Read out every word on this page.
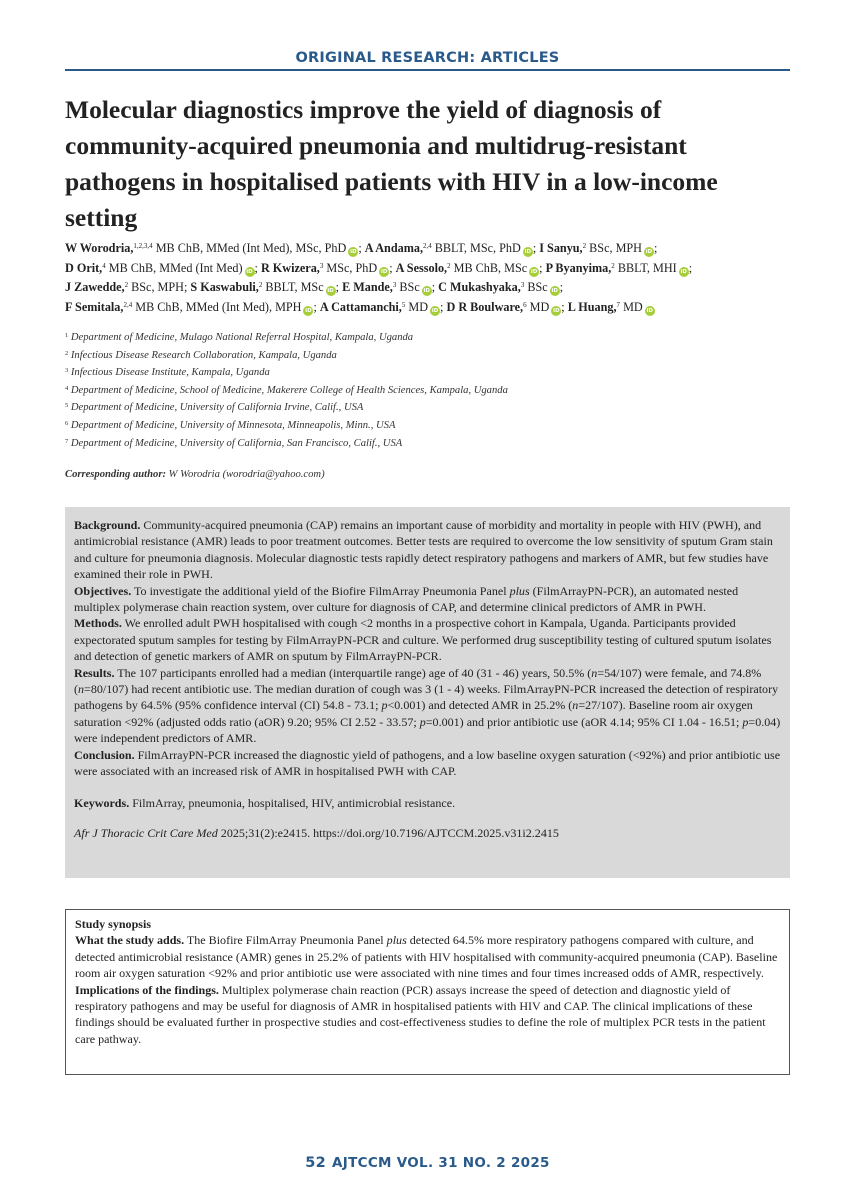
ORIGINAL RESEARCH: ARTICLES
Molecular diagnostics improve the yield of diagnosis of community-acquired pneumonia and multidrug-resistant pathogens in hospitalised patients with HIV in a low-income setting
W Worodria,$^{1,2,3,4}$ MB ChB, MMed (Int Med), MSc, PhD iD ; A Andama,$^{2,4}$ BBLT, MSc, PhD iD ; I Sanyu,$^2$ BSc, MPH iD ;
D Orit,$^4$ MB ChB, MMed (Int Med) iD ; R Kwizera,$^3$ MSc, PhD iD ; A Sessolo,$^2$ MB ChB, MSc iD ; P Byanyima,$^2$ BBLT, MHI iD ;
J Zawedde,$^2$ BSc, MPH; S Kaswabuli,$^2$ BBLT, MSc iD ; E Mande,$^3$ BSc iD ; C Mukashyaka,$^3$ BSc iD ;
F Semitala,$^{2,4}$ MB ChB, MMed (Int Med), MPH iD ; A Cattamanchi,$^5$ MD iD ; D R Boulware,$^6$ MD iD ; L Huang,$^7$ MD iD
$^1$ Department of Medicine, Mulago National Referral Hospital, Kampala, Uganda
$^2$ Infectious Disease Research Collaboration, Kampala, Uganda
$^3$ Infectious Disease Institute, Kampala, Uganda
$^4$ Department of Medicine, School of Medicine, Makerere College of Health Sciences, Kampala, Uganda
$^5$ Department of Medicine, University of California Irvine, Calif., USA
$^6$ Department of Medicine, University of Minnesota, Minneapolis, Minn., USA
$^7$ Department of Medicine, University of California, San Francisco, Calif., USA
Corresponding author: W Worodria (worodria@yahoo.com)

Background. Community-acquired pneumonia (CAP) remains an important cause of morbidity and mortality in people with HIV (PWH), and antimicrobial resistance (AMR) leads to poor treatment outcomes. Better tests are required to overcome the low sensitivity of sputum Gram stain and culture for pneumonia diagnosis. Molecular diagnostic tests rapidly detect respiratory pathogens and markers of AMR, but few studies have examined their role in PWH.

Objectives. To investigate the additional yield of the Biofire FilmArray Pneumonia Panel plus (FilmArrayPN-PCR), an automated nested multiplex polymerase chain reaction system, over culture for diagnosis of CAP, and determine clinical predictors of AMR in PWH.

Methods. We enrolled adult PWH hospitalised with cough <2 months in a prospective cohort in Kampala, Uganda. Participants provided expectorated sputum samples for testing by FilmArrayPN-PCR and culture. We performed drug susceptibility testing of cultured sputum isolates and detection of genetic markers of AMR on sputum by FilmArrayPN-PCR.

Results. The 107 participants enrolled had a median (interquartile range) age of 40 (31 - 46) years, 50.5% (n=54/107) were female, and 74.8% (n=80/107) had recent antibiotic use. The median duration of cough was 3 (1 - 4) weeks. FilmArrayPN-PCR increased the detection of respiratory pathogens by 64.5% (95% confidence interval (CI) 54.8 - 73.1; p<0.001) and detected AMR in 25.2% (n=27/107). Baseline room air oxygen saturation <92% (adjusted odds ratio (aOR) 9.20; 95% CI 2.52 - 33.57; p=0.001) and prior antibiotic use (aOR 4.14; 95% CI 1.04 - 16.51; p=0.04) were independent predictors of AMR.

Conclusion. FilmArrayPN-PCR increased the diagnostic yield of pathogens, and a low baseline oxygen saturation (<92%) and prior antibiotic use were associated with an increased risk of AMR in hospitalised PWH with CAP.

Keywords. FilmArray, pneumonia, hospitalised, HIV, antimicrobial resistance.

Afr J Thoracic Crit Care Med 2025;31(2):e2415. https://doi.org/10.7196/AJTCCM.2025.v31i2.2415

Study synopsis

What the study adds. The Biofire FilmArray Pneumonia Panel plus detected 64.5% more respiratory pathogens compared with culture, and detected antimicrobial resistance (AMR) genes in 25.2% of patients with HIV hospitalised with community-acquired pneumonia (CAP). Baseline room air oxygen saturation <92% and prior antibiotic use were associated with nine times and four times increased odds of AMR, respectively.

Implications of the findings. Multiplex polymerase chain reaction (PCR) assays increase the speed of detection and diagnostic yield of respiratory pathogens and may be useful for diagnosis of AMR in hospitalised patients with HIV and CAP. The clinical implications of these findings should be evaluated further in prospective studies and cost-effectiveness studies to define the role of multiplex PCR tests in the patient care pathway.

52 AJTCCM VOL. 31 NO. 2 2025
